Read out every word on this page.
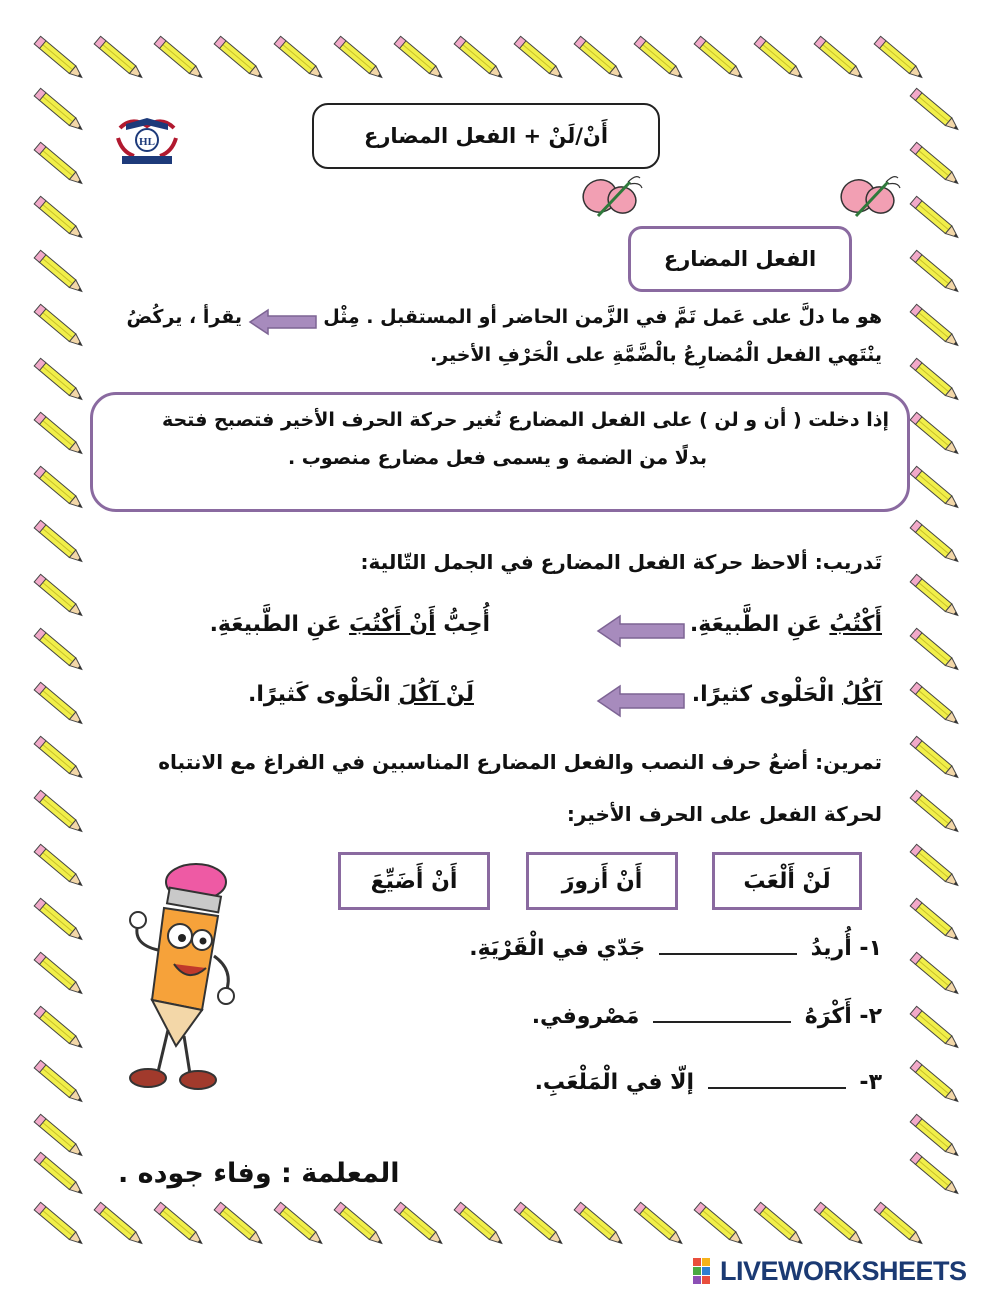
HL	أَنْ/لَنْ + الفعل المضارع
الفعل المضارع
هو ما دلَّ على عَمل تَمَّ في الزَّمن الحاضر أو المستقبل . مِثْل
يقرأ ، يركُضُ
ينْتَهي الفعل الْمُضارِعُ بالْضَّمَّةِ على الْحَرْفِ الأخير.
إذا دخلت ( أن و لن ) على الفعل المضارع تُغير حركة الحرف الأخير فتصبح فتحة
بدلًا من الضمة و يسمى فعل مضارع منصوب .
تَدريب: ألاحظ حركة الفعل المضارع في الجمل التّالية:
أَكْتُبُ عَنِ الطَّبيعَةِ.
أُحِبُّ أَنْ أَكْتُبَ عَنِ الطَّبيعَةِ.
آكُلُ الْحَلْوى كثيرًا.
لَنْ آكُلَ الْحَلْوى كَثيرًا.
تمرين: أضعُ حرف النصب والفعل المضارع المناسبين في الفراغ مع الانتباه
لحركة الفعل على الحرف الأخير:
لَنْ أَلْعَبَ
أَنْ أَزورَ
أَنْ أَضَيِّعَ
١- أُريدُ  جَدّي في الْقَرْيَةِ.
٢- أَكْرَهُ  مَصْروفي.
٣-  إلّا في الْمَلْعَبِ.
المعلمة : وفاء جوده .
LIVEWORKSHEETS
